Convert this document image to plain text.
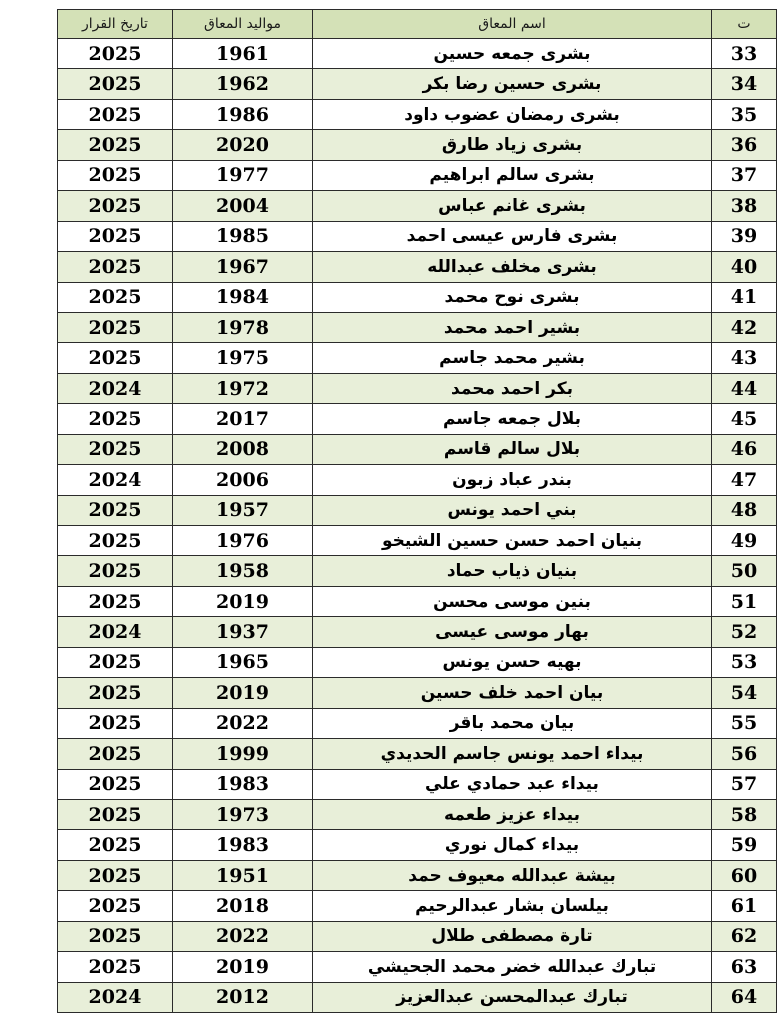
تاريخ القرار	مواليد المعاق	اسم المعاق	ت
2025	1961	بشرى جمعه حسين	33
2025	1962	بشرى حسين رضا بكر	34
2025	1986	بشرى رمضان عضوب داود	35
2025	2020	بشرى زياد طارق	36
2025	1977	بشرى سالم ابراهيم	37
2025	2004	بشرى غانم عباس	38
2025	1985	بشرى فارس عيسى احمد	39
2025	1967	بشرى مخلف عبدالله	40
2025	1984	بشرى نوح محمد	41
2025	1978	بشير احمد محمد	42
2025	1975	بشير محمد جاسم	43
2024	1972	بكر احمد محمد	44
2025	2017	بلال جمعه جاسم	45
2025	2008	بلال سالم قاسم	46
2024	2006	بندر عباد زبون	47
2025	1957	بني احمد يونس	48
2025	1976	بنيان احمد حسن حسين الشيخو	49
2025	1958	بنيان ذياب حماد	50
2025	2019	بنين موسى محسن	51
2024	1937	بهار موسى عيسى	52
2025	1965	بهيه حسن يونس	53
2025	2019	بيان احمد خلف حسين	54
2025	2022	بيان محمد باقر	55
2025	1999	بيداء احمد يونس جاسم الحديدي	56
2025	1983	بيداء عبد حمادي علي	57
2025	1973	بيداء عزيز طعمه	58
2025	1983	بيداء كمال نوري	59
2025	1951	بيشة عبدالله معيوف حمد	60
2025	2018	بيلسان بشار عبدالرحيم	61
2025	2022	تارة مصطفى طلال	62
2025	2019	تبارك عبدالله خضر محمد الجحيشي	63
2024	2012	تبارك عبدالمحسن عبدالعزيز	64
